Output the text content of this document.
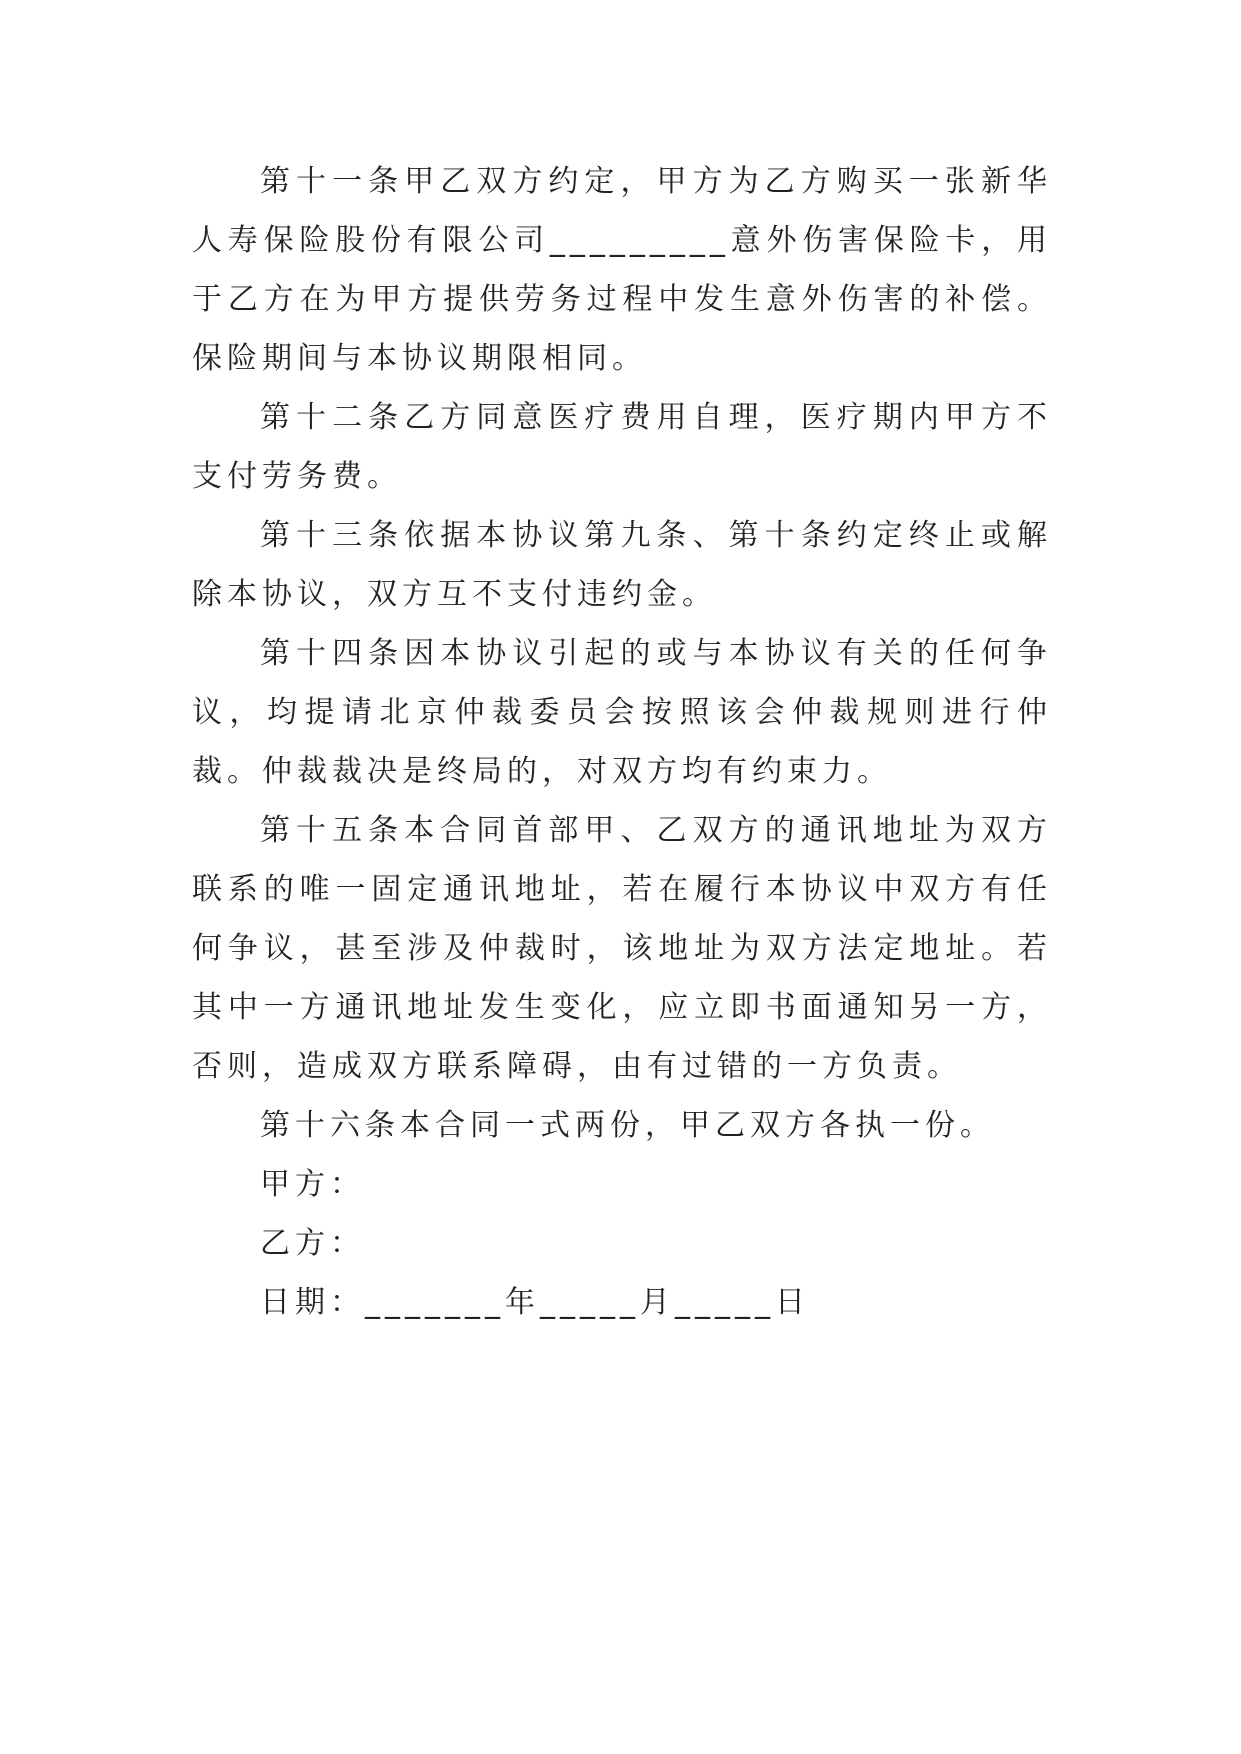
第十一条甲乙双方约定，甲方为乙方购买一张新华人寿保险股份有限公司_________意外伤害保险卡，用于乙方在为甲方提供劳务过程中发生意外伤害的补偿。保险期间与本协议期限相同。

第十二条乙方同意医疗费用自理，医疗期内甲方不支付劳务费。

第十三条依据本协议第九条、第十条约定终止或解除本协议，双方互不支付违约金。

第十四条因本协议引起的或与本协议有关的任何争议，均提请北京仲裁委员会按照该会仲裁规则进行仲裁。仲裁裁决是终局的，对双方均有约束力。

第十五条本合同首部甲、乙双方的通讯地址为双方联系的唯一固定通讯地址，若在履行本协议中双方有任何争议，甚至涉及仲裁时，该地址为双方法定地址。若其中一方通讯地址发生变化，应立即书面通知另一方，否则，造成双方联系障碍，由有过错的一方负责。

第十六条本合同一式两份，甲乙双方各执一份。

甲方：

乙方：

日期：_______年_____月_____日
